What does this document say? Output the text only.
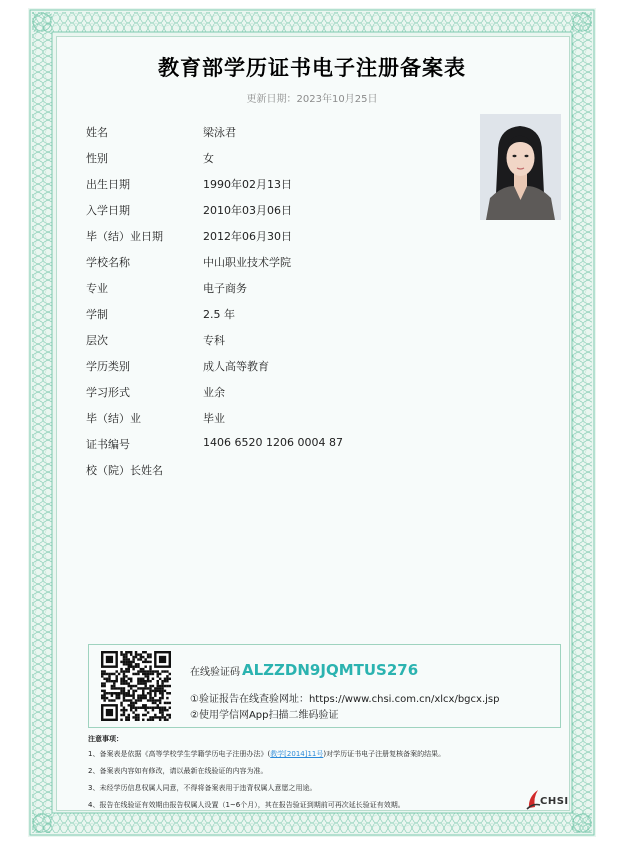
教育部学历证书电子注册备案表
更新日期：2023年10月25日
姓名	梁泳君
性别	女
出生日期	1990年02月13日
入学日期	2010年03月06日
毕（结）业日期	2012年06月30日
学校名称	中山职业技术学院
专业	电子商务
学制	2.5 年
层次	专科
学历类别	成人高等教育
学习形式	业余
毕（结）业	毕业
证书编号	1406 6520 1206 0004 87
校（院）长姓名
在线验证码 ALZZDN9JQMTUS276
①验证报告在线查验网址：https://www.chsi.com.cn/xlcx/bgcx.jsp
②使用学信网App扫描二维码验证
注意事项：
1、备案表是依据《高等学校学生学籍学历电子注册办法》(教学[2014]11号)对学历证书电子注册复核备案的结果。
2、备案表内容如有修改，请以最新在线验证的内容为准。
3、未经学历信息权属人同意，不得将备案表用于违背权属人意愿之用途。
4、报告在线验证有效期由报告权属人设置（1~6个月），其在报告验证到期前可再次延长验证有效期。	CHSI
